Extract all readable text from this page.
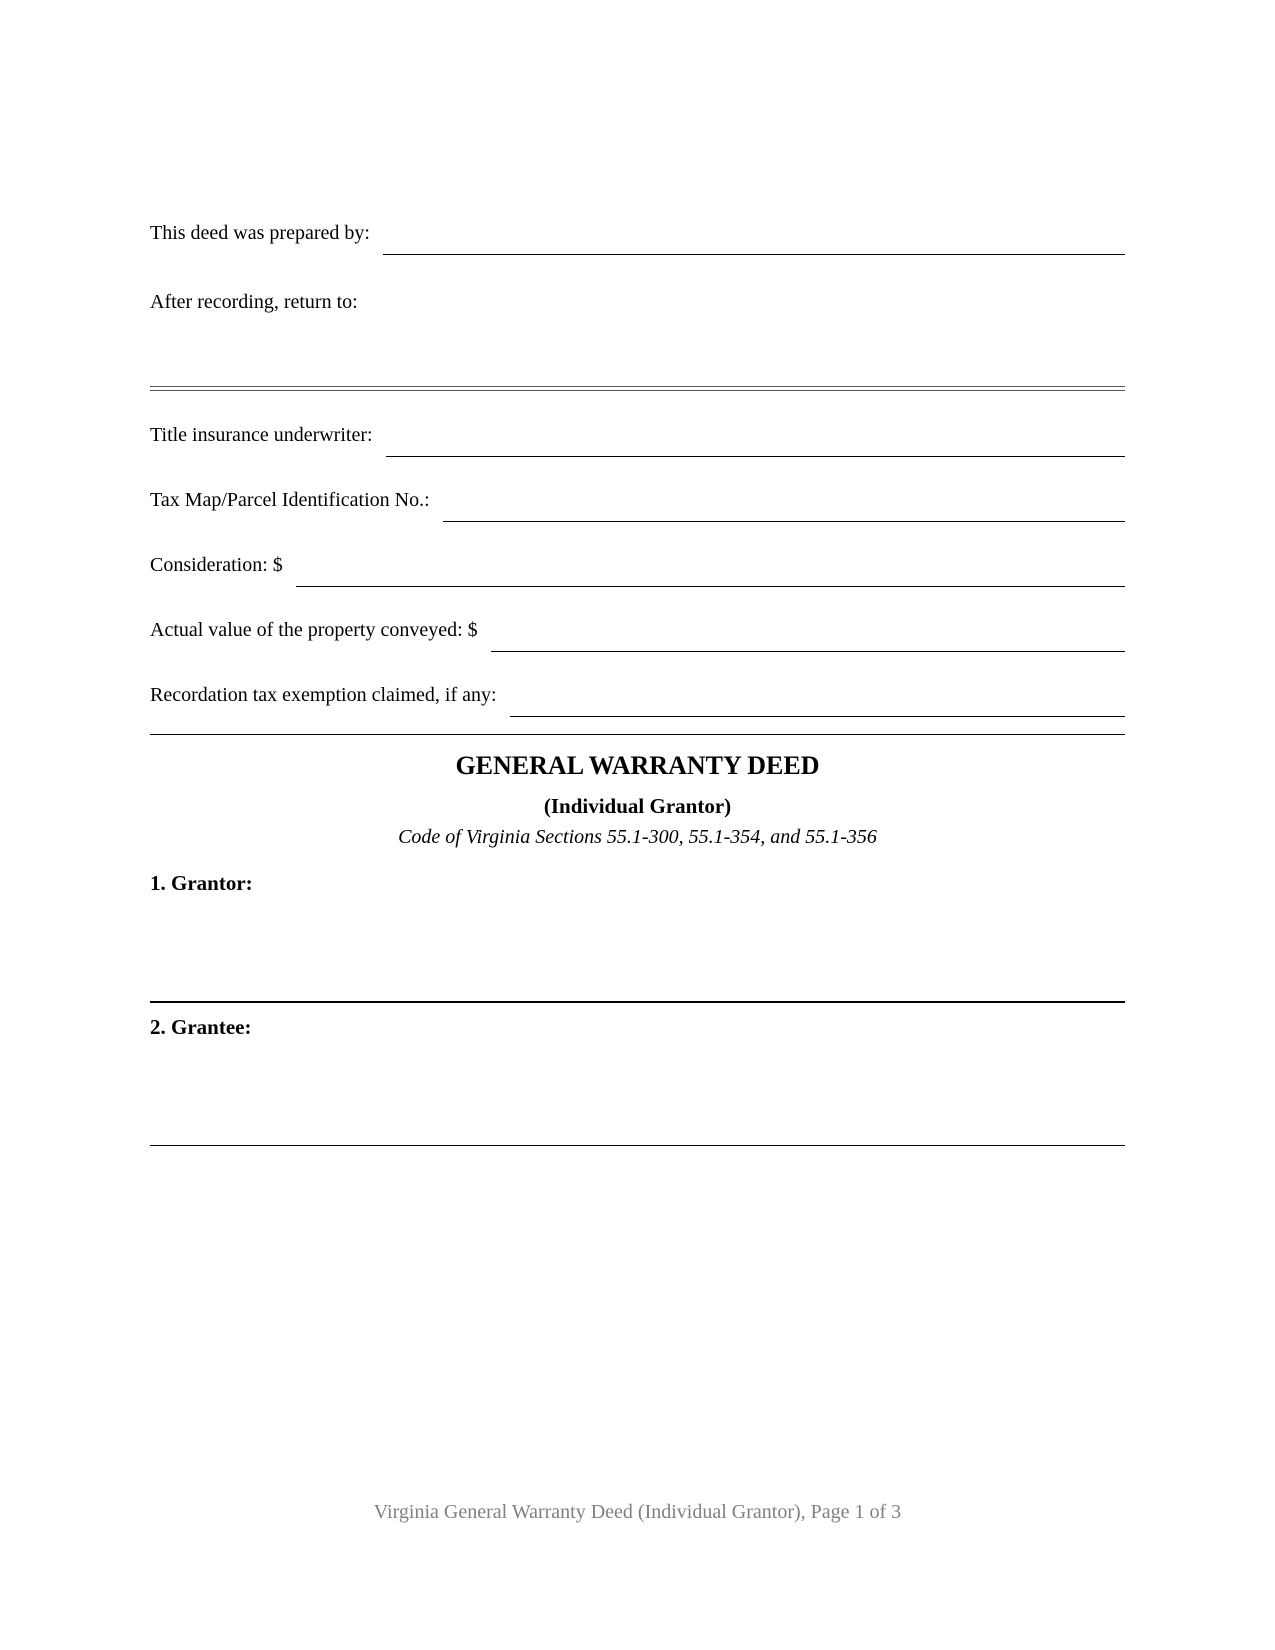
This deed was prepared by:
After recording, return to:
Title insurance underwriter:
Tax Map/Parcel Identification No.:
Consideration: $
Actual value of the property conveyed: $
Recordation tax exemption claimed, if any:
GENERAL WARRANTY DEED
(Individual Grantor)
Code of Virginia Sections 55.1-300, 55.1-354, and 55.1-356
1. Grantor:
2. Grantee:
Virginia General Warranty Deed (Individual Grantor), Page 1 of 3
